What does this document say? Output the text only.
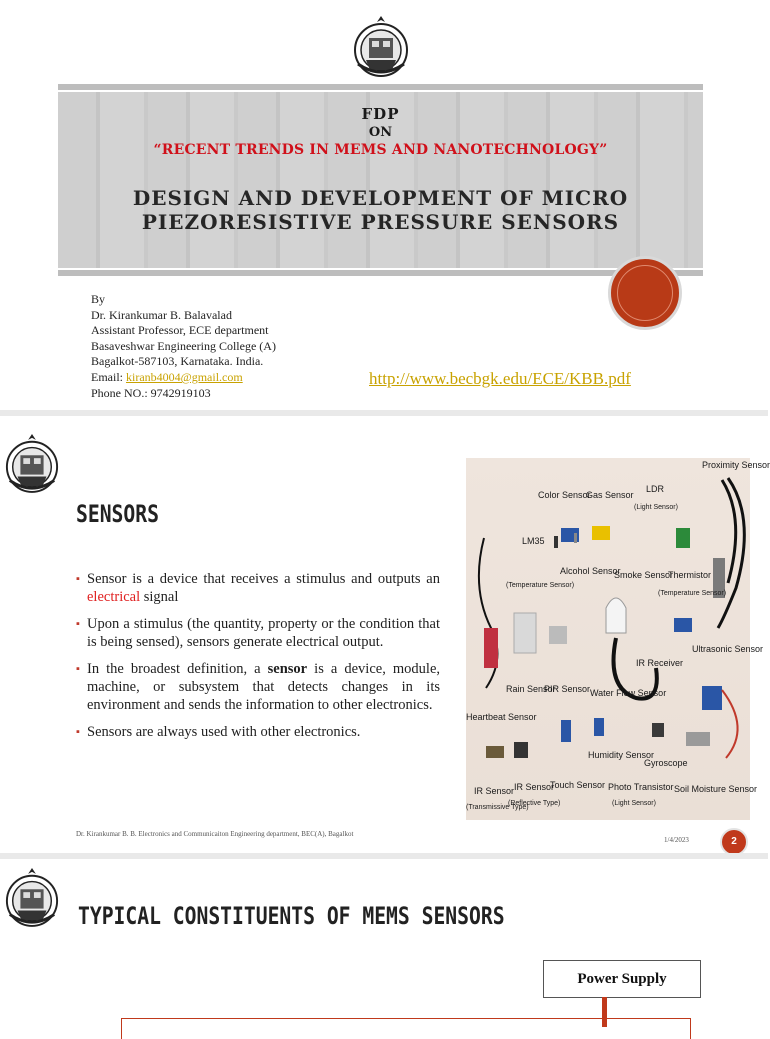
FDP
ON
“RECENT TRENDS IN MEMS AND NANOTECHNOLOGY”
DESIGN AND DEVELOPMENT OF MICRO PIEZORESISTIVE PRESSURE SENSORS
By
Dr. Kirankumar B. Balavalad
Assistant Professor, ECE department
Basaveshwar Engineering College (A)
Bagalkot-587103, Karnataka. India.
Email: kiranb4004@gmail.com
Phone NO.: 9742919103
http://www.becbgk.edu/ECE/KBB.pdf
SENSORS
▪ Sensor is a device that receives a stimulus and outputs an electrical signal
▪ Upon a stimulus (the quantity, property or the condition that is being sensed), sensors generate electrical output.
▪ In the broadest definition, a sensor is a device, module, machine, or subsystem that detects changes in its environment and sends the information to other electronics.
▪ Sensors are always used with other electronics.
Proximity Sensor
Color Sensor
Gas Sensor
LDR
(Light Sensor)
LM35
(Temperature Sensor)
Alcohol Sensor
Smoke Sensor
Thermistor
(Temperature Sensor)
Ultrasonic Sensor
IR Receiver
Rain Sensor
PIR Sensor Water Flow Sensor
Heartbeat Sensor
Humidity Sensor
Gyroscope
IR Sensor
(Transmissive Type)
IR Sensor
(Reflective Type)
Touch Sensor Photo Transistor
(Light Sensor)
Soil Moisture Sensor
Dr. Kirankumar B. B. Electronics and Communicaiton Engineering department, BEC(A), Bagalkot
1/4/2023	2
TYPICAL CONSTITUENTS OF MEMS SENSORS
Power Supply
